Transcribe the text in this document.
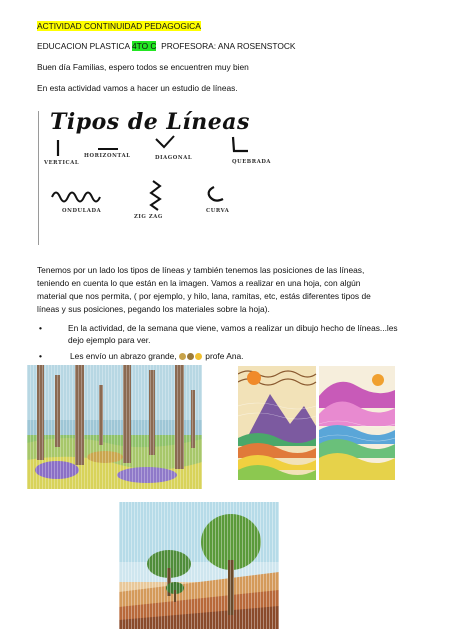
ACTIVIDAD CONTINUIDAD PEDAGOGICA
EDUCACION PLASTICA 4TO C  PROFESORA: ANA ROSENSTOCK
Buen día Familias, espero todos se encuentren muy bien
En esta actividad vamos a hacer un estudio de líneas.
Tipos de Líneas
VERTICAL
HORIZONTAL	DIAGONAL
QUEBRADA
ONDULADA
ZIG ZAG
CURVA
Tenemos por un lado los tipos de líneas y también tenemos las posiciones de las líneas,
teniendo en cuenta lo que están en la imagen. Vamos a realizar en una hoja, con algún
material que nos permita, ( por ejemplo, y hilo, lana, ramitas, etc, estás diferentes tipos de
líneas y sus posiciones, pegando los materiales sobre la hoja).
•	En la actividad, de la semana que viene, vamos a realizar un dibujo hecho de líneas...les
dejo ejemplo para ver.
•	Les envío un abrazo grande,	profe Ana.
